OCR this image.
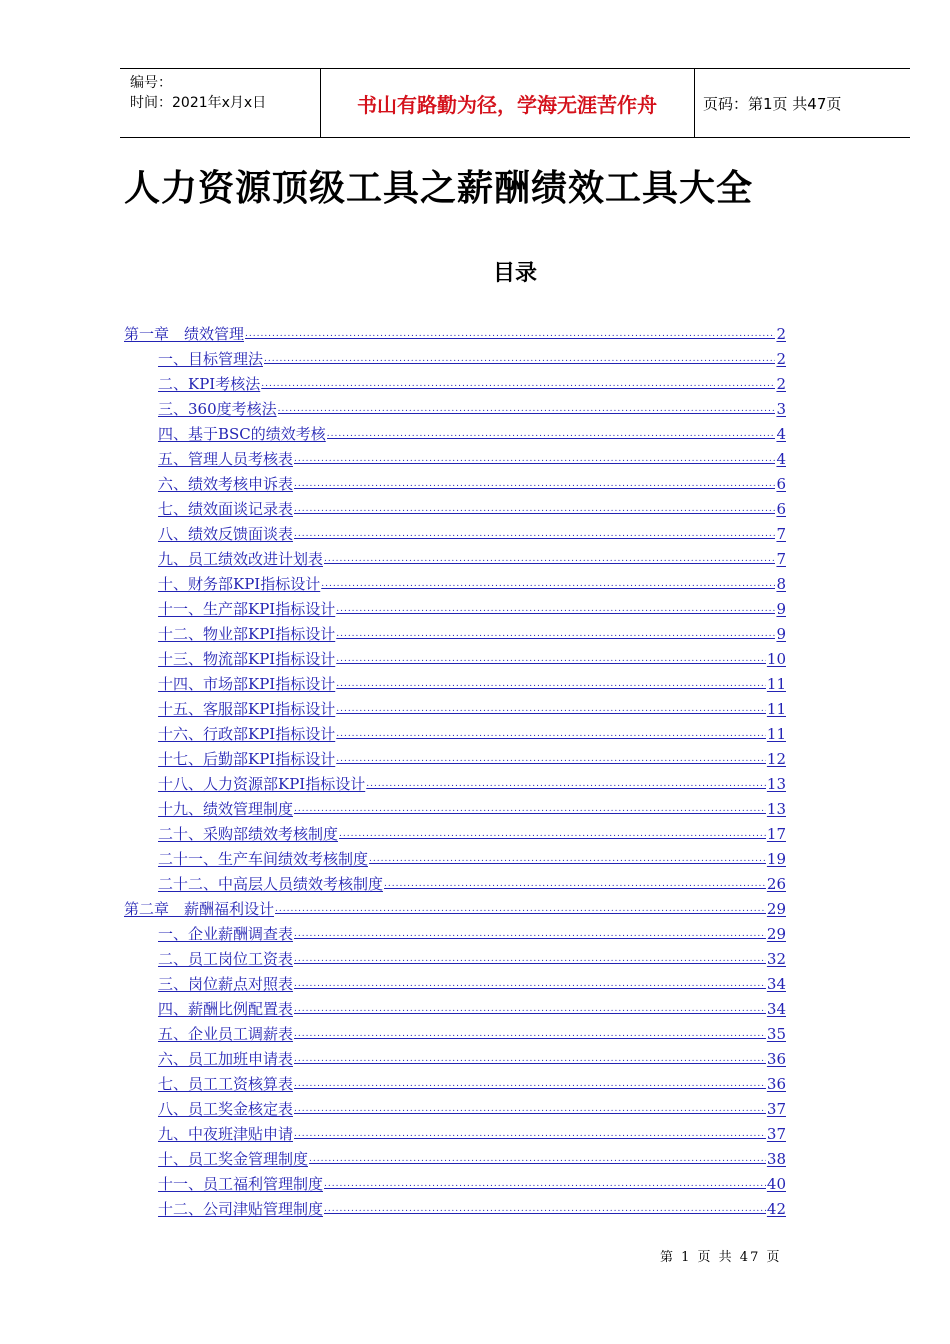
编号：
时间：2021年x月x日	书山有路勤为径，学海无涯苦作舟	页码：第1页 共47页
人力资源顶级工具之薪酬绩效工具大全
目录
第一章　绩效管理 .....	2
一、目标管理法 .....	2
二、KPI考核法 .....	2
三、360度考核法 .....	3
四、基于BSC的绩效考核 .....	4
五、管理人员考核表 .....	4
六、绩效考核申诉表 .....	6
七、绩效面谈记录表 .....	6
八、绩效反馈面谈表 .....	7
九、员工绩效改进计划表 .....	7
十、财务部KPI指标设计 .....	8
十一、生产部KPI指标设计 .....	9
十二、物业部KPI指标设计 .....	9
十三、物流部KPI指标设计 .....	10
十四、市场部KPI指标设计 .....	11
十五、客服部KPI指标设计 .....	11
十六、行政部KPI指标设计 .....	11
十七、后勤部KPI指标设计 .....	12
十八、人力资源部KPI指标设计 .....	13
十九、绩效管理制度 .....	13
二十、采购部绩效考核制度 .....	17
二十一、生产车间绩效考核制度 .....	19
二十二、中高层人员绩效考核制度 .....	26
第二章　薪酬福利设计 .....	29
一、企业薪酬调查表 .....	29
二、员工岗位工资表 .....	32
三、岗位薪点对照表 .....	34
四、薪酬比例配置表 .....	34
五、企业员工调薪表 .....	35
六、员工加班申请表 .....	36
七、员工工资核算表 .....	36
八、员工奖金核定表 .....	37
九、中夜班津贴申请 .....	37
十、员工奖金管理制度 .....	38
十一、员工福利管理制度 .....	40
十二、公司津贴管理制度 .....	42
第 1 页 共 47 页
